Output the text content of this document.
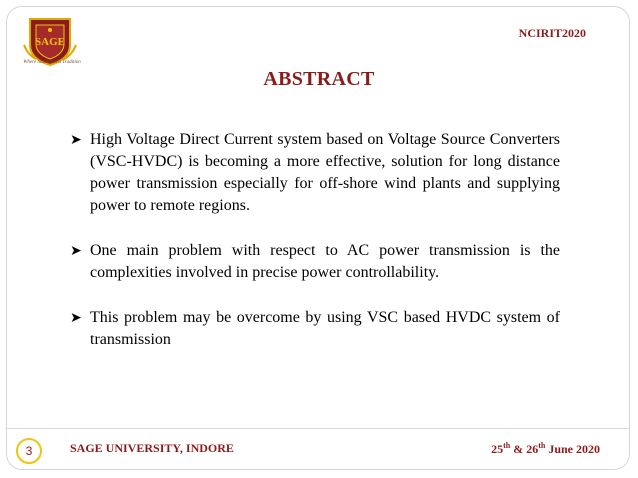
SAGE
Where Science is a Tradition
NCIRIT2020
ABSTRACT
➤ High Voltage Direct Current system based on Voltage Source Converters (VSC-HVDC) is becoming a more effective, solution for long distance power transmission especially for off-shore wind plants and supplying power to remote regions.
➤ One main problem with respect to AC power transmission is the complexities involved in precise power controllability.
➤ This problem may be overcome by using VSC based HVDC system of transmission
3	SAGE UNIVERSITY, INDORE	25th & 26th June 2020
